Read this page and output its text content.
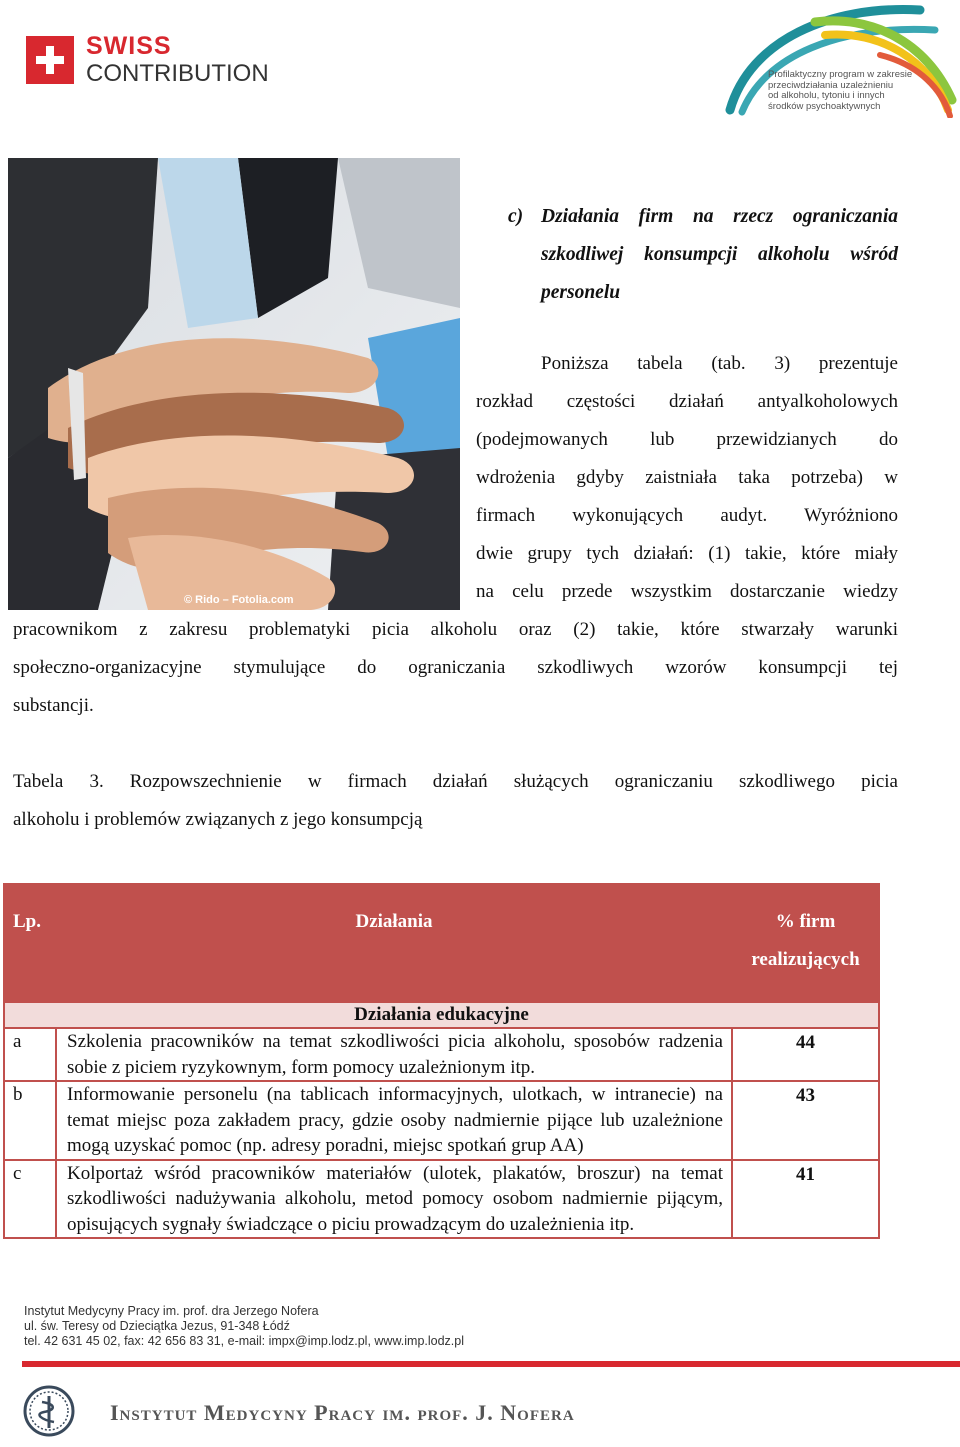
SWISS
CONTRIBUTION	Profilaktyczny program w zakresie
przeciwdziałania uzależnieniu
od alkoholu, tytoniu i innych
środków psychoaktywnych
© Rido – Fotolia.com
c) Działania firm na rzecz ograniczania
szkodliwej konsumpcji alkoholu wśród
personelu
Poniższa tabela (tab. 3) prezentuje
rozkład częstości działań antyalkoholowych
(podejmowanych lub przewidzianych do
wdrożenia gdyby zaistniała taka potrzeba) w
firmach wykonujących audyt. Wyróżniono
dwie grupy tych działań: (1) takie, które miały
na celu przede wszystkim dostarczanie wiedzy
pracownikom z zakresu problematyki picia alkoholu oraz (2) takie, które stwarzały warunki
społeczno-organizacyjne stymulujące do ograniczania szkodliwych wzorów konsumpcji tej
substancji.
Tabela 3. Rozpowszechnienie w firmach działań służących ograniczaniu szkodliwego picia
alkoholu i problemów związanych z jego konsumpcją
Lp.	Działania	% firm
realizujących
Działania edukacyjne		
a	Szkolenia pracowników na temat szkodliwości picia alkoholu, sposobów radzenia sobie z piciem ryzykownym, form pomocy uzależnionym itp.	44
b	Informowanie personelu (na tablicach informacyjnych, ulotkach, w intranecie) na temat miejsc poza zakładem pracy, gdzie osoby nadmiernie pijące lub uzależnione mogą uzyskać pomoc (np. adresy poradni, miejsc spotkań grup AA)	43
c	Kolportaż wśród pracowników materiałów (ulotek, plakatów, broszur) na temat szkodliwości nadużywania alkoholu, metod pomocy osobom nadmiernie pijącym, opisujących sygnały świadczące o piciu prowadzącym do uzależnienia itp.	41
Instytut Medycyny Pracy im. prof. dra Jerzego Nofera
ul. św. Teresy od Dzieciątka Jezus, 91-348 Łódź
tel. 42 631 45 02, fax: 42 656 83 31, e-mail: impx@imp.lodz.pl, www.imp.lodz.pl
Instytut Medycyny Pracy im. prof. J. Nofera
